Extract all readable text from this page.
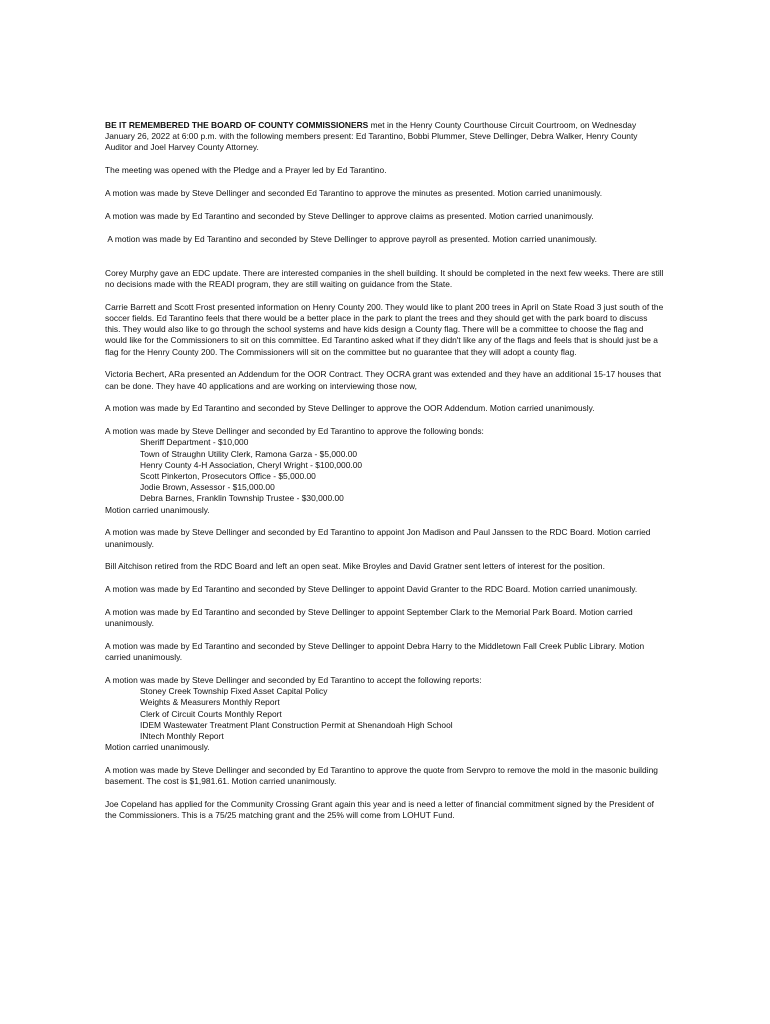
BE IT REMEMBERED THE BOARD OF COUNTY COMMISSIONERS met in the Henry County Courthouse Circuit Courtroom, on Wednesday January 26, 2022 at 6:00 p.m. with the following members present: Ed Tarantino, Bobbi Plummer, Steve Dellinger, Debra Walker, Henry County Auditor and Joel Harvey County Attorney.

The meeting was opened with the Pledge and a Prayer led by Ed Tarantino.

A motion was made by Steve Dellinger and seconded Ed Tarantino to approve the minutes as presented. Motion carried unanimously.

A motion was made by Ed Tarantino and seconded by Steve Dellinger to approve claims as presented. Motion carried unanimously.

A motion was made by Ed Tarantino and seconded by Steve Dellinger to approve payroll as presented. Motion carried unanimously.

Corey Murphy gave an EDC update. There are interested companies in the shell building. It should be completed in the next few weeks. There are still no decisions made with the READI program, they are still waiting on guidance from the State.

Carrie Barrett and Scott Frost presented information on Henry County 200. They would like to plant 200 trees in April on State Road 3 just south of the soccer fields. Ed Tarantino feels that there would be a better place in the park to plant the trees and they should get with the park board to discuss this. They would also like to go through the school systems and have kids design a County flag. There will be a committee to choose the flag and would like for the Commissioners to sit on this committee. Ed Tarantino asked what if they didn't like any of the flags and feels that is should just be a flag for the Henry County 200. The Commissioners will sit on the committee but no guarantee that they will adopt a county flag.

Victoria Bechert, ARa presented an Addendum for the OOR Contract. They OCRA grant was extended and they have an additional 15-17 houses that can be done. They have 40 applications and are working on interviewing those now,

A motion was made by Ed Tarantino and seconded by Steve Dellinger to approve the OOR Addendum. Motion carried unanimously.

A motion was made by Steve Dellinger and seconded by Ed Tarantino to approve the following bonds:

Sheriff Department - $10,000
Town of Straughn Utility Clerk, Ramona Garza - $5,000.00
Henry County 4-H Association, Cheryl Wright - $100,000.00
Scott Pinkerton, Prosecutors Office - $5,000.00
Jodie Brown, Assessor - $15,000.00
Debra Barnes, Franklin Township Trustee - $30,000.00

Motion carried unanimously.

A motion was made by Steve Dellinger and seconded by Ed Tarantino to appoint Jon Madison and Paul Janssen to the RDC Board. Motion carried unanimously.

Bill Aitchison retired from the RDC Board and left an open seat. Mike Broyles and David Gratner sent letters of interest for the position.

A motion was made by Ed Tarantino and seconded by Steve Dellinger to appoint David Granter to the RDC Board. Motion carried unanimously.

A motion was made by Ed Tarantino and seconded by Steve Dellinger to appoint September Clark to the Memorial Park Board. Motion carried unanimously.

A motion was made by Ed Tarantino and seconded by Steve Dellinger to appoint Debra Harry to the Middletown Fall Creek Public Library. Motion carried unanimously.

A motion was made by Steve Dellinger and seconded by Ed Tarantino to accept the following reports:

Stoney Creek Township Fixed Asset Capital Policy
Weights & Measurers Monthly Report
Clerk of Circuit Courts Monthly Report
IDEM Wastewater Treatment Plant Construction Permit at Shenandoah High School
INtech Monthly Report

Motion carried unanimously.

A motion was made by Steve Dellinger and seconded by Ed Tarantino to approve the quote from Servpro to remove the mold in the masonic building basement. The cost is $1,981.61. Motion carried unanimously.

Joe Copeland has applied for the Community Crossing Grant again this year and is need a letter of financial commitment signed by the President of the Commissioners. This is a 75/25 matching grant and the 25% will come from LOHUT Fund.
